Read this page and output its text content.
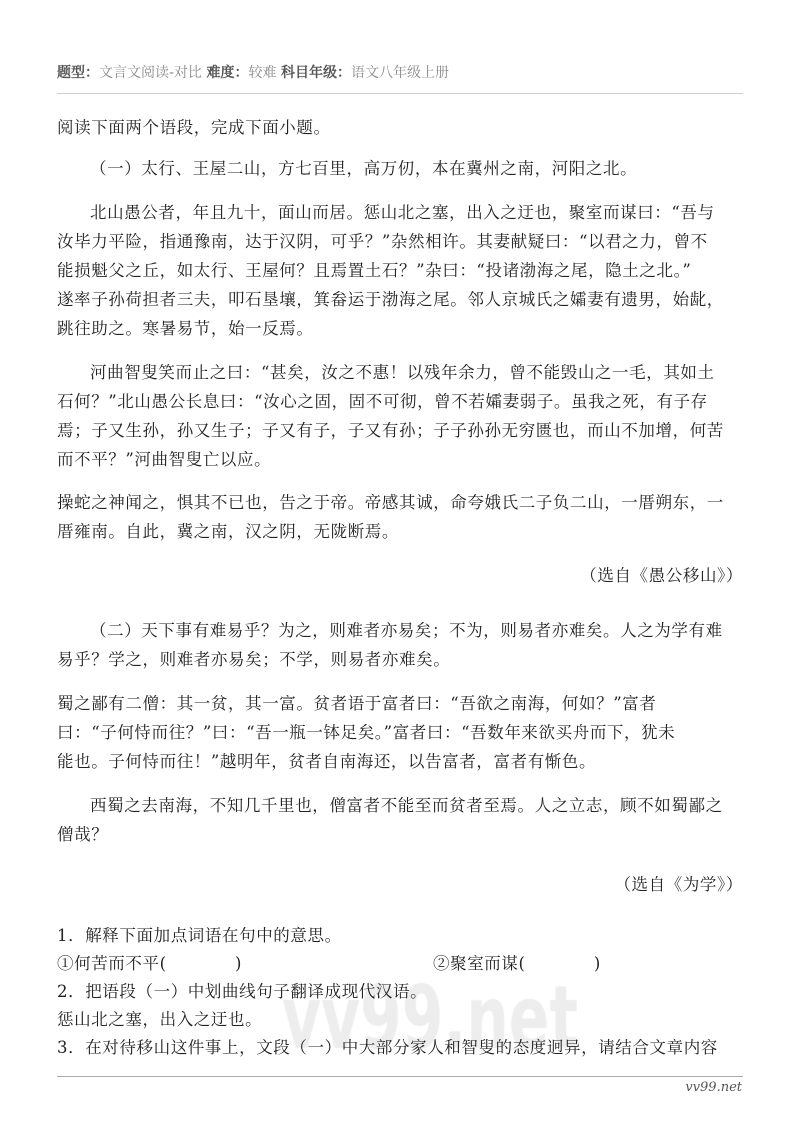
题型：文言文阅读-对比 难度：较难 科目年级：语文八年级上册
阅读下面两个语段，完成下面小题。
（一）太行、王屋二山，方七百里，高万仞，本在冀州之南，河阳之北。
北山愚公者，年且九十，面山而居。惩山北之塞，出入之迂也，聚室而谋曰：“吾与
汝毕力平险，指通豫南，达于汉阴，可乎？”杂然相许。其妻献疑曰：“以君之力，曾不
能损魁父之丘，如太行、王屋何？且焉置土石？”杂曰：“投诸渤海之尾，隐土之北。”
遂率子孙荷担者三夫，叩石垦壤，箕畚运于渤海之尾。邻人京城氏之孀妻有遗男，始龀，
跳往助之。寒暑易节，始一反焉。
河曲智叟笑而止之曰：“甚矣，汝之不惠！以残年余力，曾不能毁山之一毛，其如土
石何？”北山愚公长息曰：“汝心之固，固不可彻，曾不若孀妻弱子。虽我之死，有子存
焉；子又生孙，孙又生子；子又有子，子又有孙；子子孙孙无穷匮也，而山不加增，何苦
而不平？”河曲智叟亡以应。
操蛇之神闻之，惧其不已也，告之于帝。帝感其诚，命夸娥氏二子负二山，一厝朔东，一
厝雍南。自此，冀之南，汉之阴，无陇断焉。
（选自《愚公移山》）
（二）天下事有难易乎？为之，则难者亦易矣；不为，则易者亦难矣。人之为学有难
易乎？学之，则难者亦易矣；不学，则易者亦难矣。
蜀之鄙有二僧：其一贫，其一富。贫者语于富者曰：“吾欲之南海，何如？”富者
曰：“子何恃而往？”曰：“吾一瓶一钵足矣。”富者曰：“吾数年来欲买舟而下，犹未
能也。子何恃而往！”越明年，贫者自南海还，以告富者，富者有惭色。
西蜀之去南海，不知几千里也，僧富者不能至而贫者至焉。人之立志，顾不如蜀鄙之
僧哉？
（选自《为学》）
1．解释下面加点词语在句中的意思。
①何苦而不平(　　　　)	②聚室而谋(　　　　)
2．把语段（一）中划曲线句子翻译成现代汉语。
惩山北之塞，出入之迂也。
3．在对待移山这件事上，文段（一）中大部分家人和智叟的态度迥异，请结合文章内容
vv99.net
